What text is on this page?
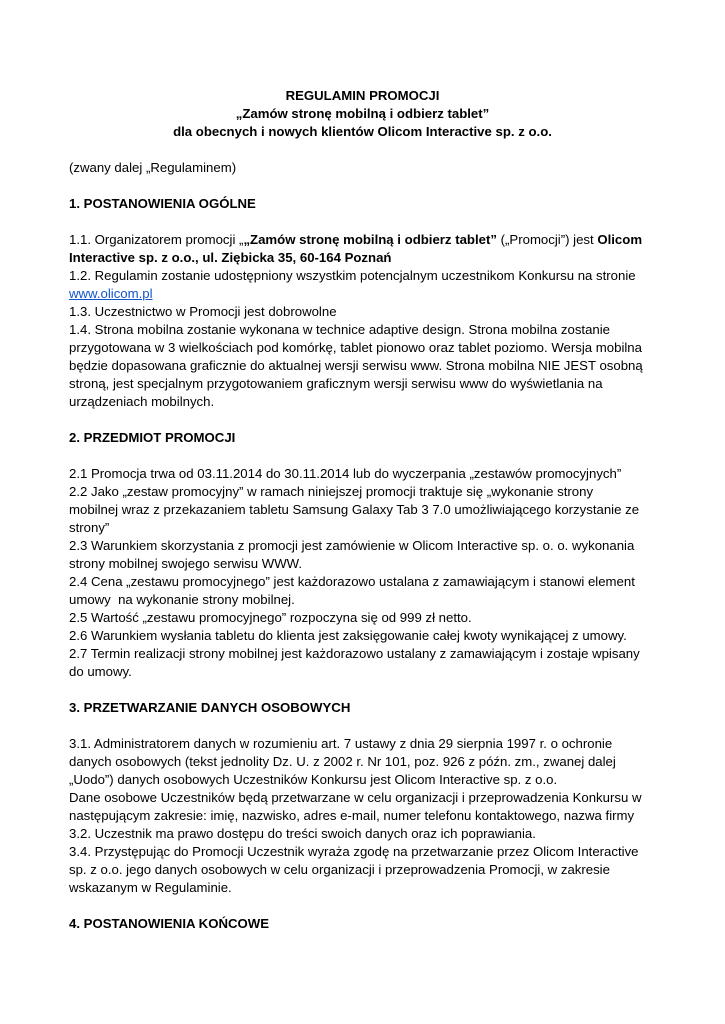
REGULAMIN PROMOCJI
„Zamów stronę mobilną i odbierz tablet”
dla obecnych i nowych klientów Olicom Interactive sp. z o.o.

(zwany dalej „Regulaminem)

1. POSTANOWIENIA OGÓLNE

1.1. Organizatorem promocji „„Zamów stronę mobilną i odbierz tablet” („Promocji”) jest Olicom

Interactive sp. z o.o., ul. Ziębicka 35, 60-164 Poznań

1.2. Regulamin zostanie udostępniony wszystkim potencjalnym uczestnikom Konkursu na stronie

www.olicom.pl

1.3. Uczestnictwo w Promocji jest dobrowolne

1.4. Strona mobilna zostanie wykonana w technice adaptive design. Strona mobilna zostanie

przygotowana w 3 wielkościach pod komórkę, tablet pionowo oraz tablet poziomo. Wersja mobilna

będzie dopasowana graficznie do aktualnej wersji serwisu www. Strona mobilna NIE JEST osobną

stroną, jest specjalnym przygotowaniem graficznym wersji serwisu www do wyświetlania na

urządzeniach mobilnych.

2. PRZEDMIOT PROMOCJI

2.1 Promocja trwa od 03.11.2014 do 30.11.2014 lub do wyczerpania „zestawów promocyjnych”

2.2 Jako „zestaw promocyjny” w ramach niniejszej promocji traktuje się „wykonanie strony

mobilnej wraz z przekazaniem tabletu Samsung Galaxy Tab 3 7.0 umożliwiającego korzystanie ze

strony”

2.3 Warunkiem skorzystania z promocji jest zamówienie w Olicom Interactive sp. o. o. wykonania

strony mobilnej swojego serwisu WWW.

2.4 Cena „zestawu promocyjnego” jest każdorazowo ustalana z zamawiającym i stanowi element

umowy  na wykonanie strony mobilnej.

2.5 Wartość „zestawu promocyjnego” rozpoczyna się od 999 zł netto.

2.6 Warunkiem wysłania tabletu do klienta jest zaksięgowanie całej kwoty wynikającej z umowy.

2.7 Termin realizacji strony mobilnej jest każdorazowo ustalany z zamawiającym i zostaje wpisany

do umowy.

3. PRZETWARZANIE DANYCH OSOBOWYCH

3.1. Administratorem danych w rozumieniu art. 7 ustawy z dnia 29 sierpnia 1997 r. o ochronie

danych osobowych (tekst jednolity Dz. U. z 2002 r. Nr 101, poz. 926 z późn. zm., zwanej dalej

„Uodo”) danych osobowych Uczestników Konkursu jest Olicom Interactive sp. z o.o.

Dane osobowe Uczestników będą przetwarzane w celu organizacji i przeprowadzenia Konkursu w

następującym zakresie: imię, nazwisko, adres e-mail, numer telefonu kontaktowego, nazwa firmy

3.2. Uczestnik ma prawo dostępu do treści swoich danych oraz ich poprawiania.

3.4. Przystępując do Promocji Uczestnik wyraża zgodę na przetwarzanie przez Olicom Interactive

sp. z o.o. jego danych osobowych w celu organizacji i przeprowadzenia Promocji, w zakresie

wskazanym w Regulaminie.

4. POSTANOWIENIA KOŃCOWE
